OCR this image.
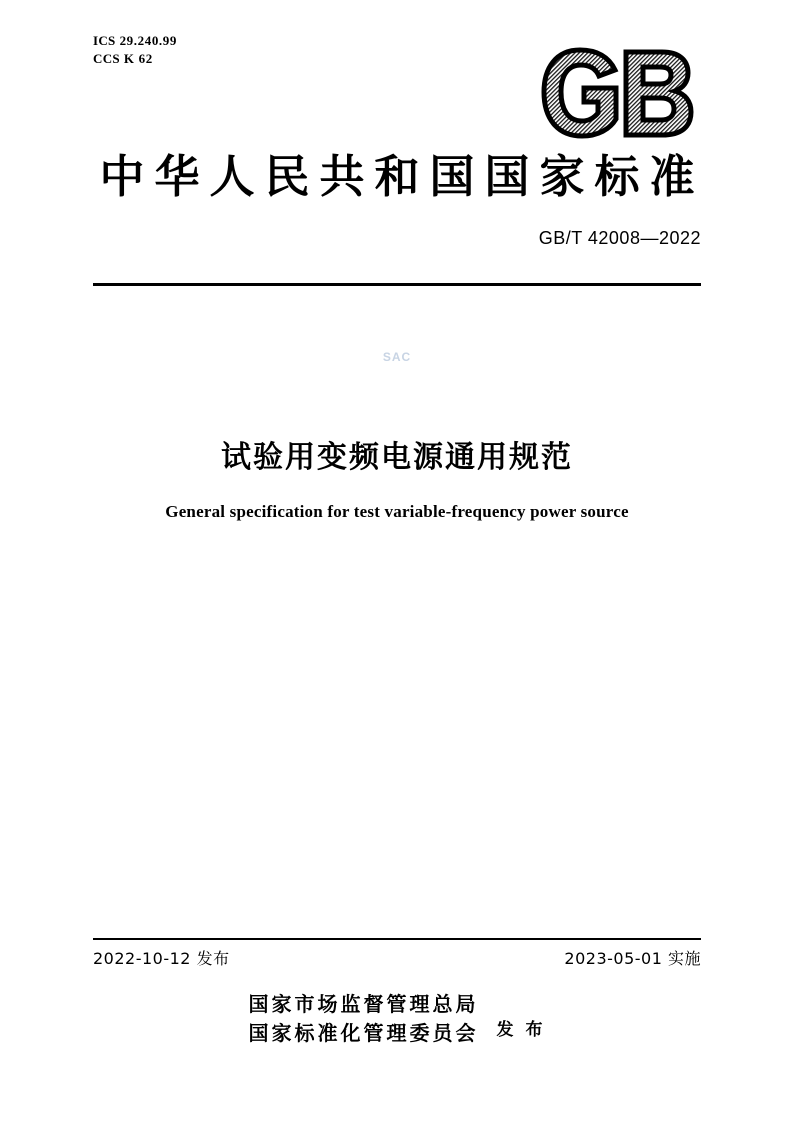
ICS 29.240.99
CCS K 62
中华人民共和国国家标准
GB/T 42008—2022
SAC
试验用变频电源通用规范
General specification for test variable-frequency power source
2022-10-12 发布	2023-05-01 实施
国家市场监督管理总局
国家标准化管理委员会 发 布
